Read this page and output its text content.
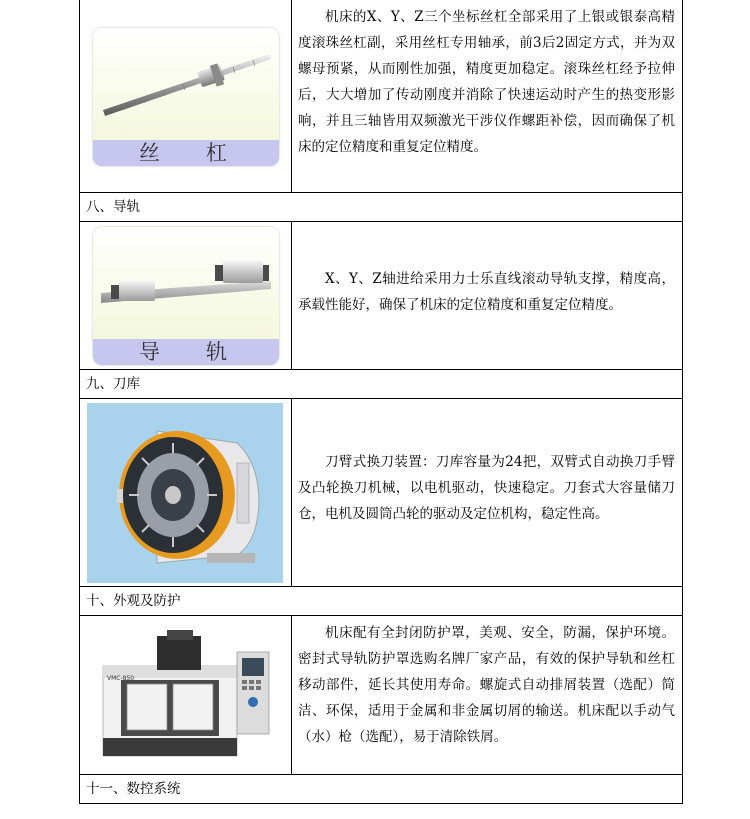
丝杠

机床的X、Y、Z三个坐标丝杠全部采用了上银或银泰高精度滚珠丝杠副，采用丝杠专用轴承，前3后2固定方式，并为双螺母预紧，从而刚性加强，精度更加稳定。滚珠丝杠经予拉伸后，大大增加了传动刚度并消除了快速运动时产生的热变形影响，并且三轴皆用双频激光干涉仪作螺距补偿，因而确保了机床的定位精度和重复定位精度。

八、导轨
导轨

X、Y、Z轴进给采用力士乐直线滚动导轨支撑，精度高，承载性能好，确保了机床的定位精度和重复定位精度。

九、刀库

刀臂式换刀装置：刀库容量为24把，双臂式自动换刀手臂及凸轮换刀机械，以电机驱动，快速稳定。刀套式大容量储刀仓，电机及圆筒凸轮的驱动及定位机构，稳定性高。

十、外观及防护
VMC-850

机床配有全封闭防护罩，美观、安全，防漏，保护环境。密封式导轨防护罩选购名牌厂家产品，有效的保护导轨和丝杠移动部件，延长其使用寿命。螺旋式自动排屑装置（选配）简洁、环保，适用于金属和非金属切屑的输送。机床配以手动气（水）枪（选配），易于清除铁屑。

十一、数控系统
